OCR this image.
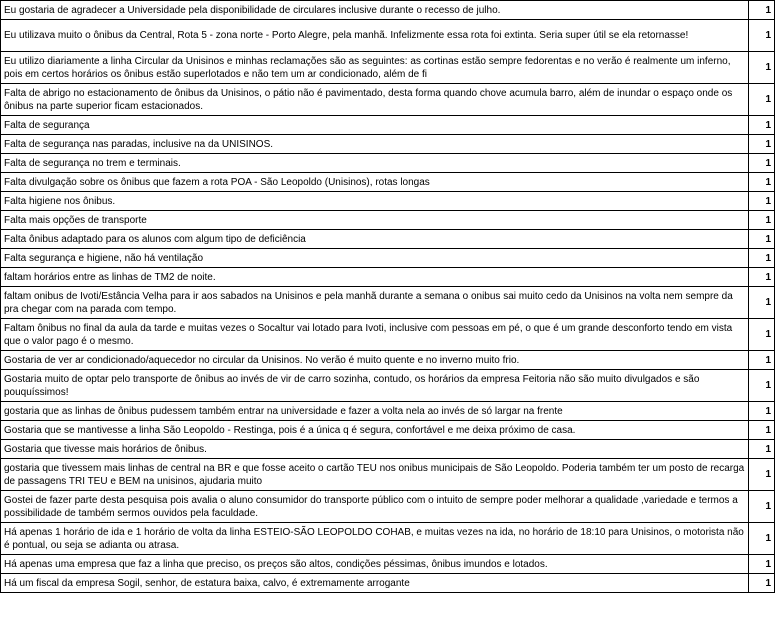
Eu gostaria de agradecer a Universidade pela disponibilidade de circulares inclusive durante o recesso de julho.	1
Eu utilizava muito o ônibus da Central, Rota 5 - zona norte - Porto Alegre, pela manhã. Infelizmente essa rota foi extinta. Seria super útil se ela retornasse!	1
Eu utilizo diariamente a linha Circular da Unisinos e minhas reclamações são as seguintes: as cortinas estão sempre fedorentas e no verão é realmente um inferno, pois em certos horários os ônibus estão superlotados e não tem um ar condicionado, além de fi	1
Falta de abrigo no estacionamento de ônibus da Unisinos, o pátio não é pavimentado, desta forma quando chove acumula barro, além de inundar o espaço onde os ônibus na parte superior ficam estacionados.	1
Falta de segurança	1
Falta de segurança nas paradas, inclusive na da UNISINOS.	1
Falta de segurança no trem e terminais.	1
Falta divulgação sobre os ônibus que fazem a rota POA - São Leopoldo (Unisinos), rotas longas	1
Falta higiene nos ônibus.	1
Falta mais opções de transporte	1
Falta ônibus adaptado para os alunos com algum tipo de deficiência	1
Falta segurança e higiene, não há ventilação	1
faltam horários entre as linhas de TM2 de noite.	1
faltam onibus de Ivoti/Estância Velha para ir aos sabados na Unisinos e pela manhã durante a semana o onibus sai muito cedo da Unisinos na volta nem sempre da pra chegar com na parada com tempo.	1
Faltam ônibus no final da aula da tarde e muitas vezes o Socaltur vai lotado para Ivoti, inclusive com pessoas em pé, o que é um grande desconforto tendo em vista que o valor pago é o mesmo.	1
Gostaria de ver ar condicionado/aquecedor no circular da Unisinos. No verão é muito quente e no inverno muito frio.	1
Gostaria muito de optar pelo transporte de ônibus ao invés de vir de carro sozinha, contudo, os horários da empresa Feitoria não são muito divulgados e são pouquíssimos!	1
gostaria que as linhas de ônibus pudessem também entrar na universidade e fazer a volta nela ao invés de só largar na frente	1
Gostaria que se mantivesse a linha São Leopoldo - Restinga, pois é a única q é segura, confortável e me deixa próximo de casa.	1
Gostaria que tivesse mais horários de ônibus.	1
gostaria que tivessem mais linhas de central na BR e que fosse aceito o cartão TEU nos onibus municipais de São Leopoldo. Poderia também ter um posto de recarga de passagens TRI TEU e BEM na unisinos, ajudaria muito	1
Gostei de fazer parte desta pesquisa pois avalia o aluno consumidor do transporte público com o intuito de sempre poder melhorar a qualidade ,variedade e termos a possibilidade de também sermos ouvidos pela faculdade.	1
Há apenas 1 horário de ida e 1 horário de volta da linha ESTEIO-SÃO LEOPOLDO COHAB, e muitas vezes na ida, no horário de 18:10 para Unisinos, o motorista não é pontual, ou seja se adianta ou atrasa.	1
Há apenas uma empresa que faz a linha que preciso, os preços são altos, condições péssimas, ônibus imundos e lotados.	1
Há um fiscal da empresa Sogil, senhor, de estatura baixa, calvo, é extremamente arrogante	1
